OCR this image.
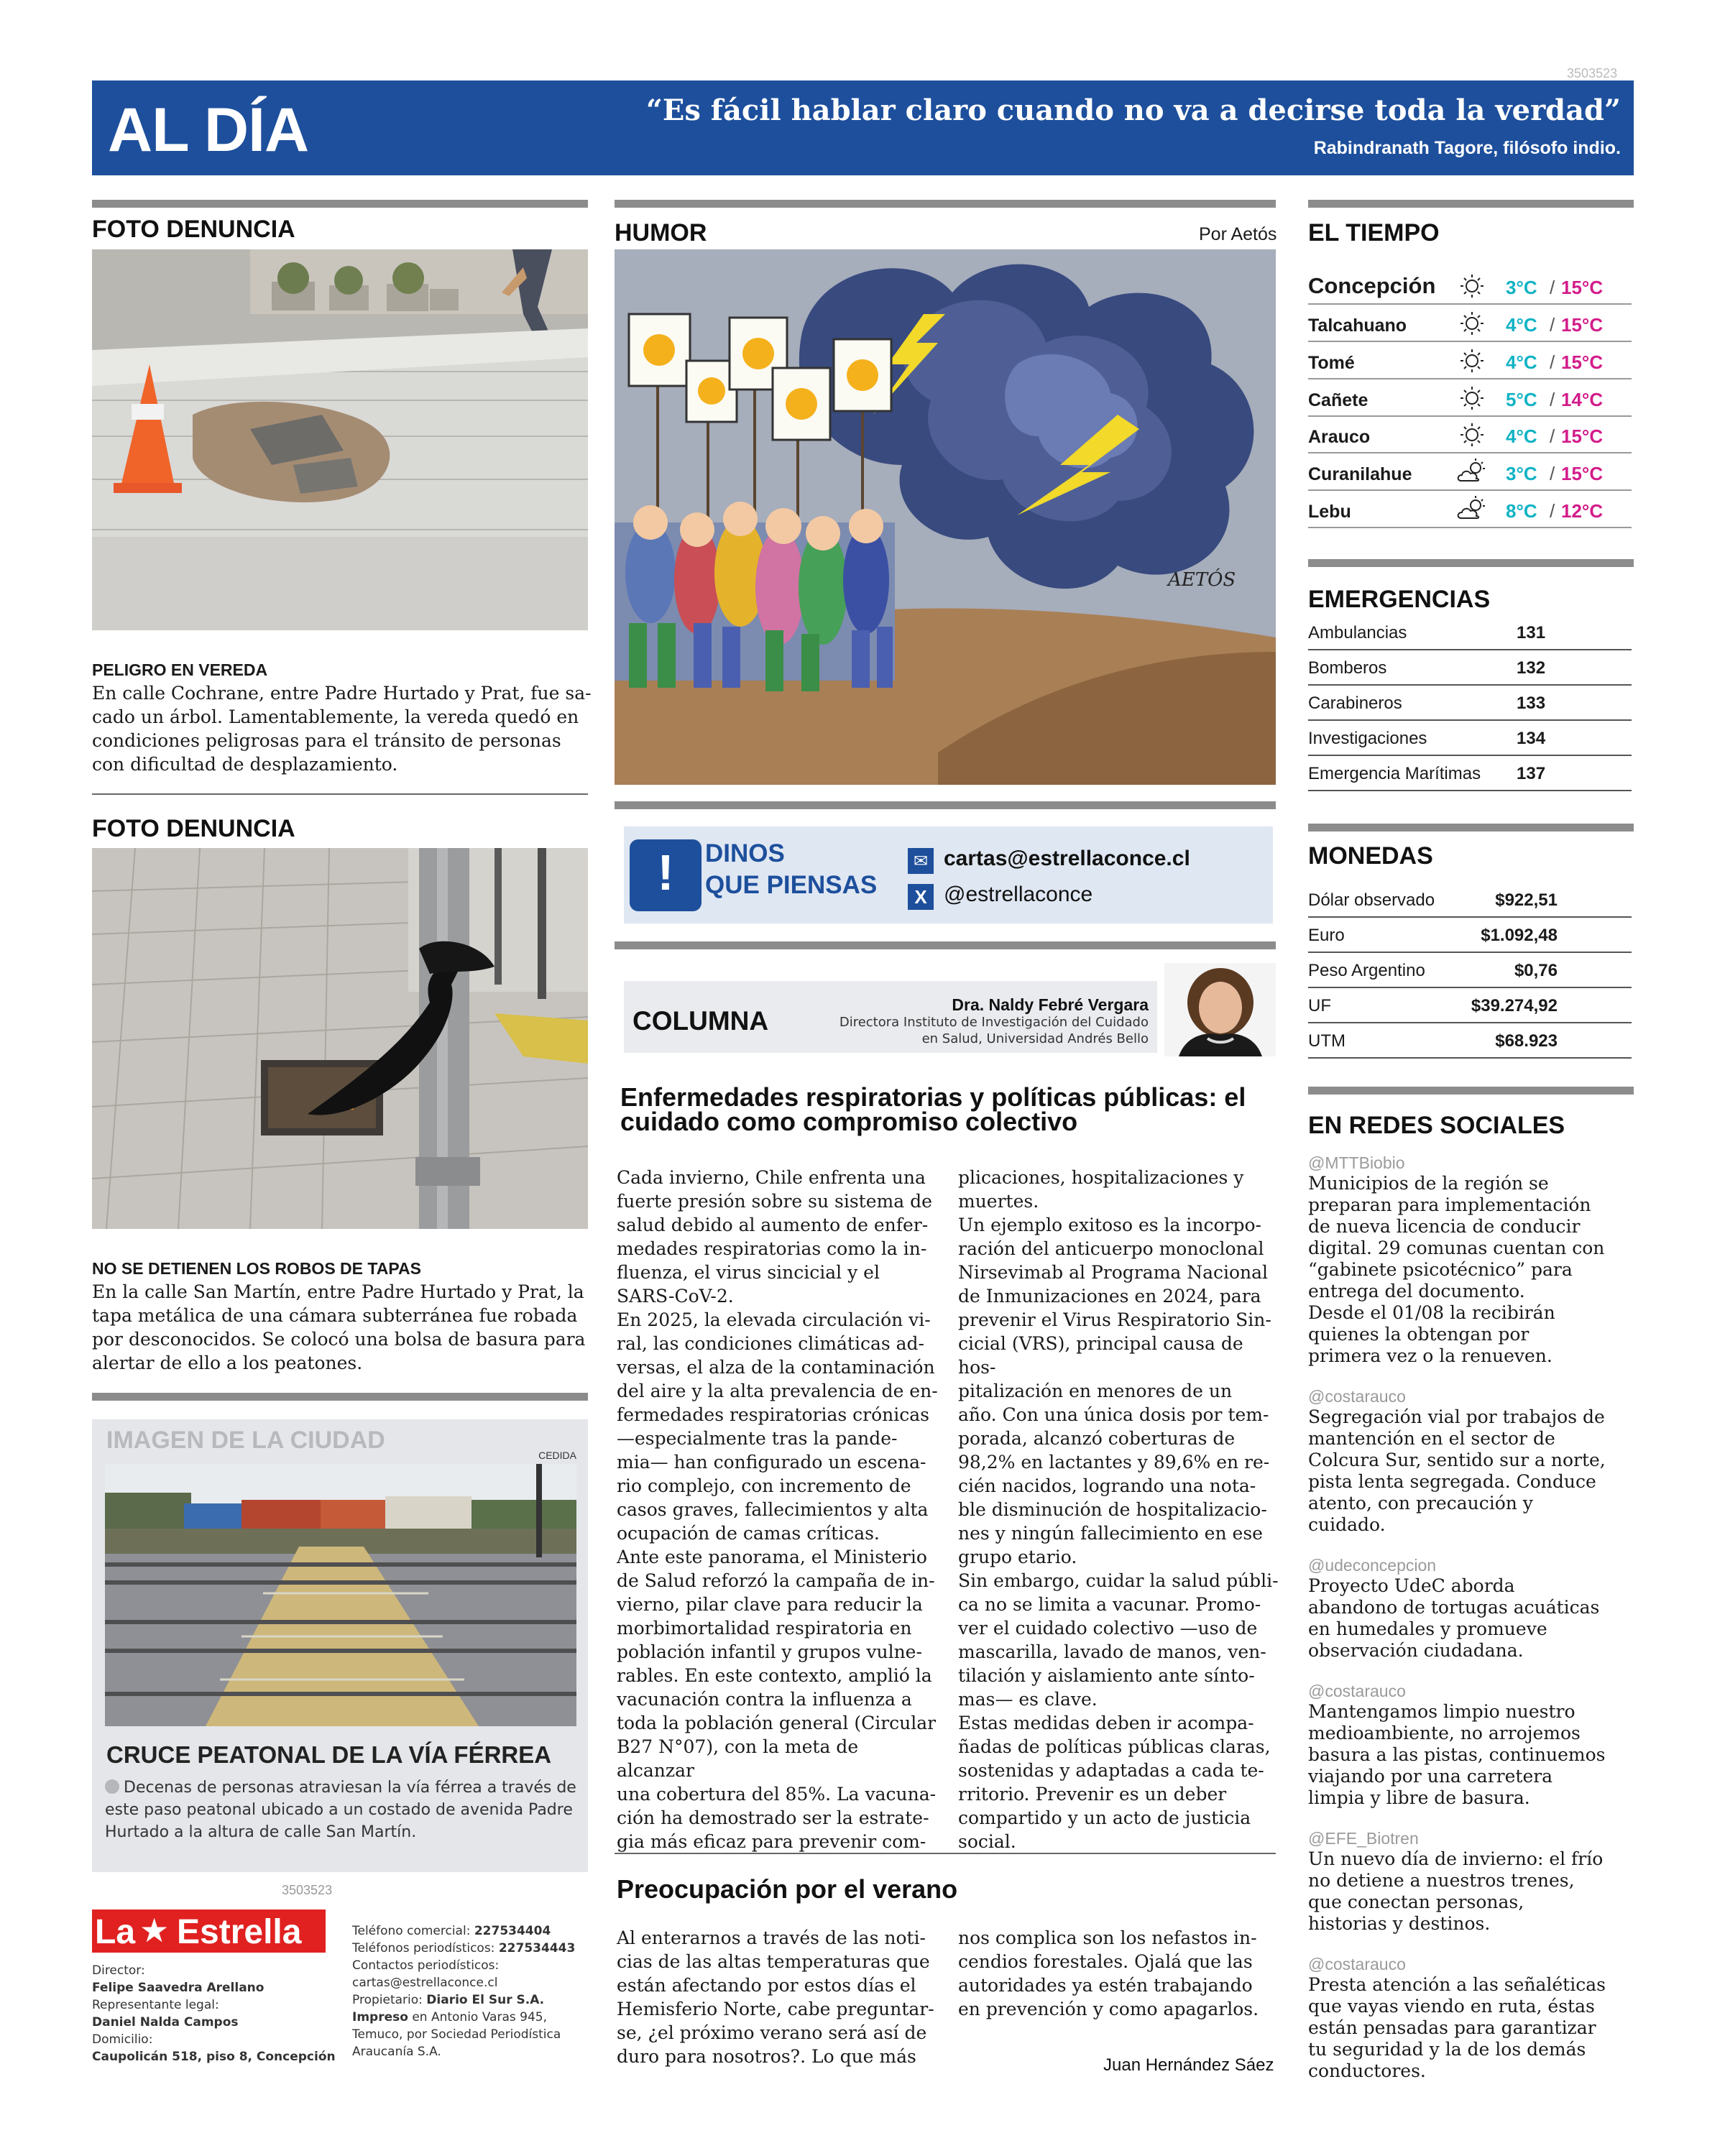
3503523
AL DÍA	“Es fácil hablar claro cuando no va a decirse toda la verdad”
Rabindranath Tagore, filósofo indio.
FOTO DENUNCIA
PELIGRO EN VEREDA
En calle Cochrane, entre Padre Hurtado y Prat, fue sa-
cado un árbol. Lamentablemente, la vereda quedó en
condiciones peligrosas para el tránsito de personas
con dificultad de desplazamiento.
FOTO DENUNCIA
NO SE DETIENEN LOS ROBOS DE TAPAS
En la calle San Martín, entre Padre Hurtado y Prat, la
tapa metálica de una cámara subterránea fue robada
por desconocidos. Se colocó una bolsa de basura para
alertar de ello a los peatones.
IMAGEN DE LA CIUDAD
CEDIDA
CRUCE PEATONAL DE LA VÍA FÉRREA
Decenas de personas atraviesan la vía férrea a través de
este paso peatonal ubicado a un costado de avenida Padre
Hurtado a la altura de calle San Martín.
3503523
La ★ Estrella
Director:
Felipe Saavedra Arellano
Representante legal:
Daniel Nalda Campos
Domicilio:
Caupolicán 518, piso 8, Concepción
Teléfono comercial: 227534404
Teléfonos periodísticos: 227534443
Contactos periodísticos:
cartas@estrellaconce.cl
Propietario: Diario El Sur S.A.
Impreso en Antonio Varas 945,
Temuco, por Sociedad Periodística
Araucanía S.A.
HUMOR	Por Aetós
AETÓS
!	DINOS
QUE PIENSAS
✉ cartas@estrellaconce.cl
X @estrellaconce
COLUMNA
Dra. Naldy Febré Vergara
Directora Instituto de Investigación del Cuidado
en Salud, Universidad Andrés Bello
Enfermedades respiratorias y políticas públicas: el
cuidado como compromiso colectivo
Cada invierno, Chile enfrenta una
fuerte presión sobre su sistema de
salud debido al aumento de enfer-
medades respiratorias como la in-
fluenza, el virus sincicial y el
SARS-CoV-2.
En 2025, la elevada circulación vi-
ral, las condiciones climáticas ad-
versas, el alza de la contaminación
del aire y la alta prevalencia de en-
fermedades respiratorias crónicas
—especialmente tras la pande-
mia— han configurado un escena-
rio complejo, con incremento de
casos graves, fallecimientos y alta
ocupación de camas críticas.
Ante este panorama, el Ministerio
de Salud reforzó la campaña de in-
vierno, pilar clave para reducir la
morbimortalidad respiratoria en
población infantil y grupos vulne-
rables. En este contexto, amplió la
vacunación contra la influenza a
toda la población general (Circular
B27 N°07), con la meta de alcanzar
una cobertura del 85%. La vacuna-
ción ha demostrado ser la estrate-
gia más eficaz para prevenir com-
plicaciones, hospitalizaciones y
muertes.
Un ejemplo exitoso es la incorpo-
ración del anticuerpo monoclonal
Nirsevimab al Programa Nacional
de Inmunizaciones en 2024, para
prevenir el Virus Respiratorio Sin-
cicial (VRS), principal causa de hos-
pitalización en menores de un
año. Con una única dosis por tem-
porada, alcanzó coberturas de
98,2% en lactantes y 89,6% en re-
cién nacidos, logrando una nota-
ble disminución de hospitalizacio-
nes y ningún fallecimiento en ese
grupo etario.
Sin embargo, cuidar la salud públi-
ca no se limita a vacunar. Promo-
ver el cuidado colectivo —uso de
mascarilla, lavado de manos, ven-
tilación y aislamiento ante sínto-
mas— es clave.
Estas medidas deben ir acompa-
ñadas de políticas públicas claras,
sostenidas y adaptadas a cada te-
rritorio. Prevenir es un deber
compartido y un acto de justicia
social.
Preocupación por el verano
Al enterarnos a través de las noti-
cias de las altas temperaturas que
están afectando por estos días el
Hemisferio Norte, cabe preguntar-
se, ¿el próximo verano será así de
duro para nosotros?. Lo que más
nos complica son los nefastos in-
cendios forestales. Ojalá que las
autoridades ya estén trabajando
en prevención y como apagarlos.
Juan Hernández Sáez
EL TIEMPO
Concepción	3°C / 15°C
Talcahuano	4°C / 15°C
Tomé	4°C / 15°C
Cañete	5°C / 14°C
Arauco	4°C / 15°C
Curanilahue	3°C / 15°C
Lebu	8°C / 12°C
EMERGENCIAS
Ambulancias	131
Bomberos	132
Carabineros	133
Investigaciones	134
Emergencia Marítimas 137
MONEDAS
Dólar observado	$922,51
Euro	$1.092,48
Peso Argentino	$0,76
UF	$39.274,92
UTM	$68.923
EN REDES SOCIALES
@MTTBiobio
Municipios de la región se
preparan para implementación
de nueva licencia de conducir
digital. 29 comunas cuentan con
“gabinete psicotécnico” para
entrega del documento.
Desde el 01/08 la recibirán
quienes la obtengan por
primera vez o la renueven.
@costarauco
Segregación vial por trabajos de
mantención en el sector de
Colcura Sur, sentido sur a norte,
pista lenta segregada. Conduce
atento, con precaución y
cuidado.
@udeconcepcion
Proyecto UdeC aborda
abandono de tortugas acuáticas
en humedales y promueve
observación ciudadana.
@costarauco
Mantengamos limpio nuestro
medioambiente, no arrojemos
basura a las pistas, continuemos
viajando por una carretera
limpia y libre de basura.
@EFE_Biotren
Un nuevo día de invierno: el frío
no detiene a nuestros trenes,
que conectan personas,
historias y destinos.
@costarauco
Presta atención a las señaléticas
que vayas viendo en ruta, éstas
están pensadas para garantizar
tu seguridad y la de los demás
conductores.
